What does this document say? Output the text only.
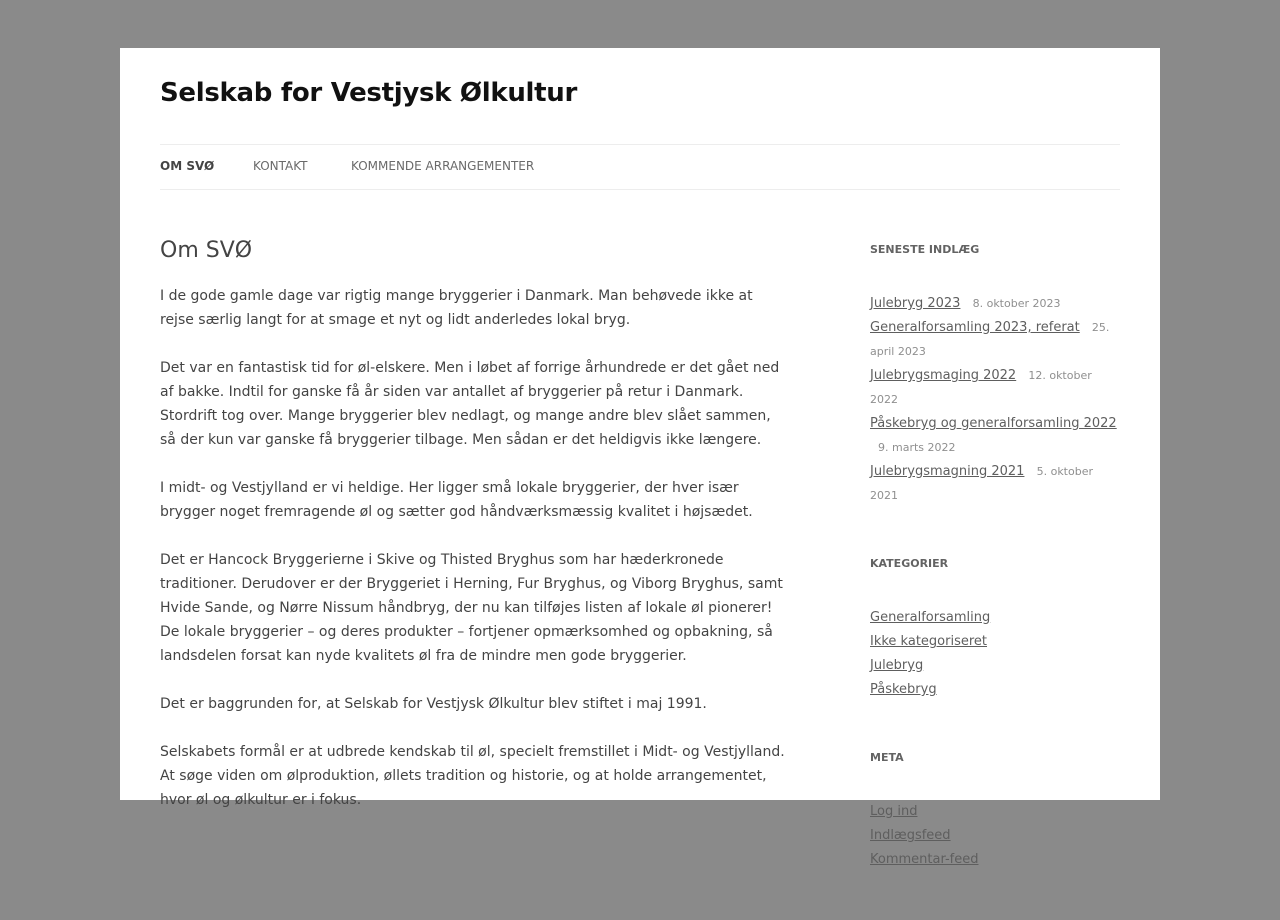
Selskab for Vestjysk Ølkultur
OM SVØ	KONTAKT	KOMMENDE ARRANGEMENTER
Om SVØ

I de gode gamle dage var rigtig mange bryggerier i Danmark. Man behøvede ikke at rejse særlig langt for at smage et nyt og lidt anderledes lokal bryg.

Det var en fantastisk tid for øl-elskere. Men i løbet af forrige århundrede er det gået ned af bakke. Indtil for ganske få år siden var antallet af bryggerier på retur i Danmark. Stordrift tog over. Mange bryggerier blev nedlagt, og mange andre blev slået sammen, så der kun var ganske få bryggerier tilbage. Men sådan er det heldigvis ikke længere.

I midt- og Vestjylland er vi heldige. Her ligger små lokale bryggerier, der hver især brygger noget fremragende øl og sætter god håndværksmæssig kvalitet i højsædet.

Det er Hancock Bryggerierne i Skive og Thisted Bryghus som har hæderkronede traditioner. Derudover er der Bryggeriet i Herning, Fur Bryghus, og Viborg Bryghus, samt Hvide Sande, og Nørre Nissum håndbryg, der nu kan tilføjes listen af lokale øl pionerer!

De lokale bryggerier – og deres produkter – fortjener opmærksomhed og opbakning, så landsdelen forsat kan nyde kvalitets øl fra de mindre men gode bryggerier.

Det er baggrunden for, at Selskab for Vestjysk Ølkultur blev stiftet i maj 1991.

Selskabets formål er at udbrede kendskab til øl, specielt fremstillet i Midt- og Vestjylland. At søge viden om ølproduktion, øllets tradition og historie, og at holde arrangementet, hvor øl og ølkultur er i fokus.

SENESTE INDLÆG
Julebryg 2023 8. oktober 2023
Generalforsamling 2023, referat 25. april 2023
Julebrygsmaging 2022 12. oktober 2022
Påskebryg og generalforsamling 2022 9. marts 2022
Julebrygsmagning 2021 5. oktober 2021
KATEGORIER
Generalforsamling
Ikke kategoriseret
Julebryg
Påskebryg
META
Log ind
Indlægsfeed
Kommentar-feed
